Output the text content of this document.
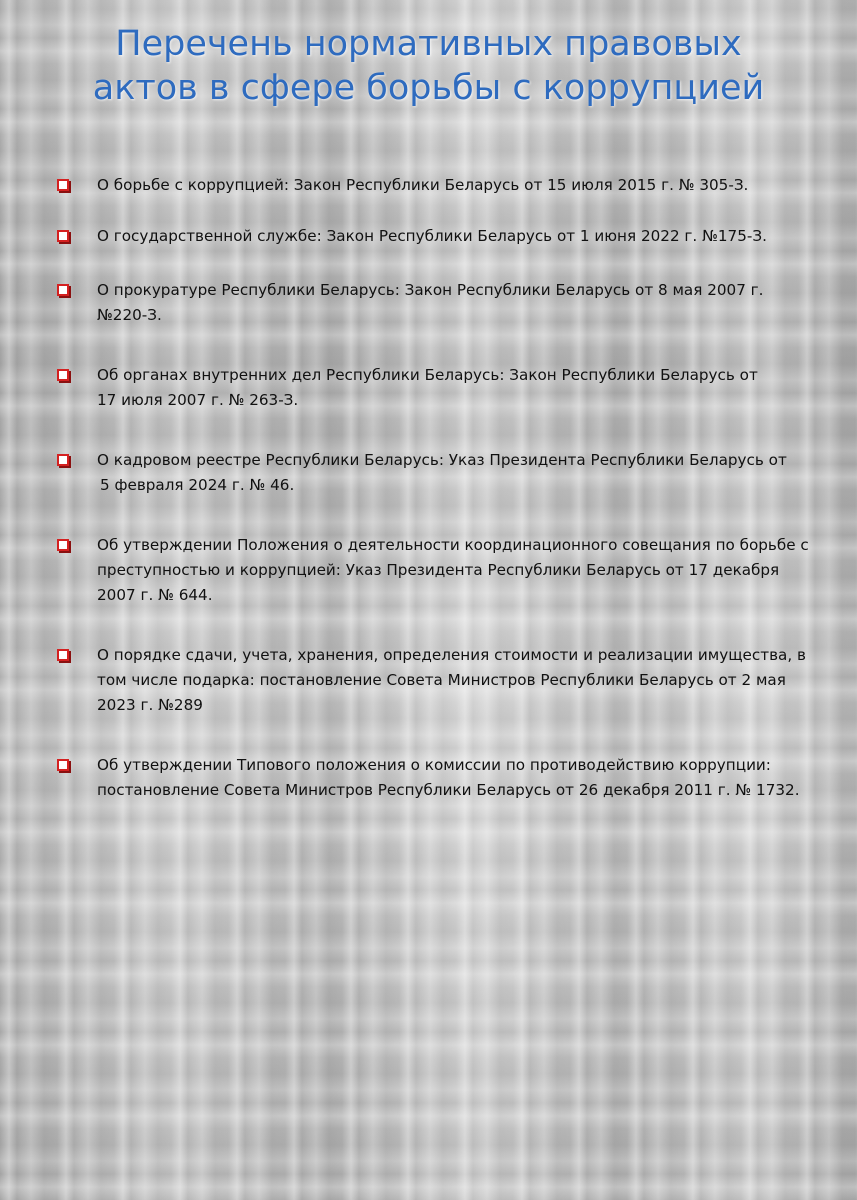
Перечень нормативных правовых
актов в сфере борьбы с коррупцией
О борьбе с коррупцией: Закон Республики Беларусь от 15 июля 2015 г. № 305-З.
О государственной службе: Закон Республики Беларусь от 1 июня 2022 г. №175-З.
О прокуратуре Республики Беларусь: Закон Республики Беларусь от 8 мая 2007 г.
№220-З.
Об органах внутренних дел Республики Беларусь: Закон Республики Беларусь от
17 июля 2007 г. № 263-З.
О кадровом реестре Республики Беларусь: Указ Президента Республики Беларусь от
5 февраля 2024 г. № 46.
Об утверждении Положения о деятельности координационного совещания по борьбе с
преступностью и коррупцией: Указ Президента Республики Беларусь от 17 декабря
2007 г. № 644.
О порядке сдачи, учета, хранения, определения стоимости и реализации имущества, в
том числе подарка: постановление Совета Министров Республики Беларусь от 2 мая
2023 г. №289
Об утверждении Типового положения о комиссии по противодействию коррупции:
постановление Совета Министров Республики Беларусь от 26 декабря 2011 г. № 1732.
